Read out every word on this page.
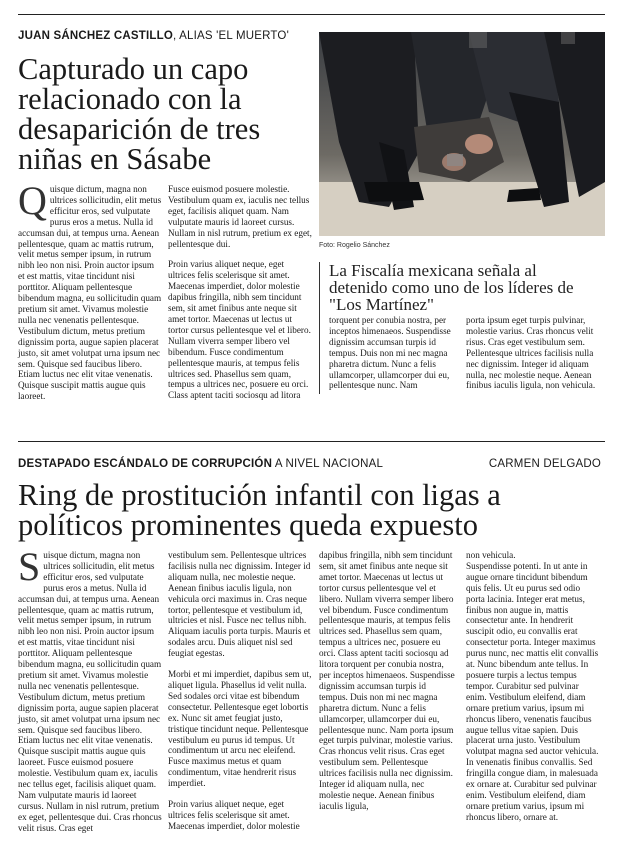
JUAN SÁNCHEZ CASTILLO, ALIAS 'EL MUERTO'
Capturado un capo
relacionado con la
desaparición de tres
niñas en Sásabe
Q uisque dictum, magna non ultrices sollicitudin, elit metus efficitur eros, sed vulputate purus eros a metus. Nulla id accumsan dui, at tempus urna. Aenean pellentesque, quam ac mattis rutrum, velit metus semper ipsum, in rutrum nibh leo non nisi. Proin auctor ipsum et est mattis, vitae tincidunt nisi porttitor. Aliquam pellentesque bibendum magna, eu sollicitudin quam pretium sit amet. Vivamus molestie nulla nec venenatis pellentesque. Vestibulum dictum, metus pretium dignissim porta, augue sapien placerat justo, sit amet volutpat urna ipsum nec sem. Quisque sed faucibus libero. Etiam luctus nec elit vitae venenatis. Quisque suscipit mattis augue quis laoreet.

Fusce euismod posuere molestie. Vestibulum quam ex, iaculis nec tellus eget, facilisis aliquet quam. Nam vulputate mauris id laoreet cursus. Nullam in nisl rutrum, pretium ex eget, pellentesque dui.

Proin varius aliquet neque, eget ultrices felis scelerisque sit amet. Maecenas imperdiet, dolor molestie dapibus fringilla, nibh sem tincidunt sem, sit amet finibus ante neque sit amet tortor. Maecenas ut lectus ut tortor cursus pellentesque vel et libero. Nullam viverra semper libero vel bibendum. Fusce condimentum pellentesque mauris, at tempus felis ultrices sed. Phasellus sem quam, tempus a ultrices nec, posuere eu orci. Class aptent taciti sociosqu ad litora

Foto: Rogelio Sánchez
La Fiscalía mexicana señala al
detenido como uno de los líderes de
"Los Martínez"
torquent per conubia nostra, per inceptos himenaeos. Suspendisse dignissim accumsan turpis id tempus. Duis non mi nec magna pharetra dictum. Nunc a felis ullamcorper, ullamcorper dui eu, pellentesque nunc. Nam
porta ipsum eget turpis pulvinar, molestie varius. Cras rhoncus velit risus. Cras eget vestibulum sem. Pellentesque ultrices facilisis nulla nec dignissim. Integer id aliquam nulla, nec molestie neque. Aenean finibus iaculis ligula, non vehicula.
DESTAPADO ESCÁNDALO DE CORRUPCIÓN A NIVEL NACIONAL	CARMEN DELGADO
Ring de prostitución infantil con ligas a
políticos prominentes queda expuesto
S uisque dictum, magna non ultrices sollicitudin, elit metus efficitur eros, sed vulputate purus eros a metus. Nulla id accumsan dui, at tempus urna. Aenean pellentesque, quam ac mattis rutrum, velit metus semper ipsum, in rutrum nibh leo non nisi. Proin auctor ipsum et est mattis, vitae tincidunt nisi porttitor. Aliquam pellentesque bibendum magna, eu sollicitudin quam pretium sit amet. Vivamus molestie nulla nec venenatis pellentesque. Vestibulum dictum, metus pretium dignissim porta, augue sapien placerat justo, sit amet volutpat urna ipsum nec sem. Quisque sed faucibus libero. Etiam luctus nec elit vitae venenatis. Quisque suscipit mattis augue quis laoreet. Fusce euismod posuere molestie. Vestibulum quam ex, iaculis nec tellus eget, facilisis aliquet quam. Nam vulputate mauris id laoreet cursus. Nullam in nisl rutrum, pretium ex eget, pellentesque dui. Cras rhoncus velit risus. Cras eget

vestibulum sem. Pellentesque ultrices facilisis nulla nec dignissim. Integer id aliquam nulla, nec molestie neque. Aenean finibus iaculis ligula, non vehicula orci maximus in. Cras neque tortor, pellentesque et vestibulum id, ultricies et nisl. Fusce nec tellus nibh. Aliquam iaculis porta turpis. Mauris et sodales arcu. Duis aliquet nisl sed feugiat egestas.

Morbi et mi imperdiet, dapibus sem ut, aliquet ligula. Phasellus id velit nulla. Sed sodales orci vitae est bibendum consectetur. Pellentesque eget lobortis ex. Nunc sit amet feugiat justo, tristique tincidunt neque. Pellentesque vestibulum eu purus id tempus. Ut condimentum ut arcu nec eleifend. Fusce maximus metus et quam condimentum, vitae hendrerit risus imperdiet.

Proin varius aliquet neque, eget ultrices felis scelerisque sit amet. Maecenas imperdiet, dolor molestie

dapibus fringilla, nibh sem tincidunt sem, sit amet finibus ante neque sit amet tortor. Maecenas ut lectus ut tortor cursus pellentesque vel et libero. Nullam viverra semper libero vel bibendum. Fusce condimentum pellentesque mauris, at tempus felis ultrices sed. Phasellus sem quam, tempus a ultrices nec, posuere eu orci. Class aptent taciti sociosqu ad litora torquent per conubia nostra, per inceptos himenaeos. Suspendisse dignissim accumsan turpis id tempus. Duis non mi nec magna pharetra dictum. Nunc a felis ullamcorper, ullamcorper dui eu, pellentesque nunc. Nam porta ipsum eget turpis pulvinar, molestie varius. Cras rhoncus velit risus. Cras eget vestibulum sem. Pellentesque ultrices facilisis nulla nec dignissim. Integer id aliquam nulla, nec molestie neque. Aenean finibus iaculis ligula,
non vehicula.
Suspendisse potenti. In ut ante in augue ornare tincidunt bibendum quis felis. Ut eu purus sed odio porta lacinia. Integer erat metus, finibus non augue in, mattis consectetur ante. In hendrerit suscipit odio, eu convallis erat consectetur porta. Integer maximus purus nunc, nec mattis elit convallis at. Nunc bibendum ante tellus. In posuere turpis a lectus tempus tempor. Curabitur sed pulvinar enim. Vestibulum eleifend, diam ornare pretium varius, ipsum mi rhoncus libero, venenatis faucibus augue tellus vitae sapien. Duis placerat urna justo. Vestibulum volutpat magna sed auctor vehicula. In venenatis finibus convallis. Sed fringilla congue diam, in malesuada ex ornare at. Curabitur sed pulvinar enim. Vestibulum eleifend, diam ornare pretium varius, ipsum mi rhoncus libero, ornare at.
